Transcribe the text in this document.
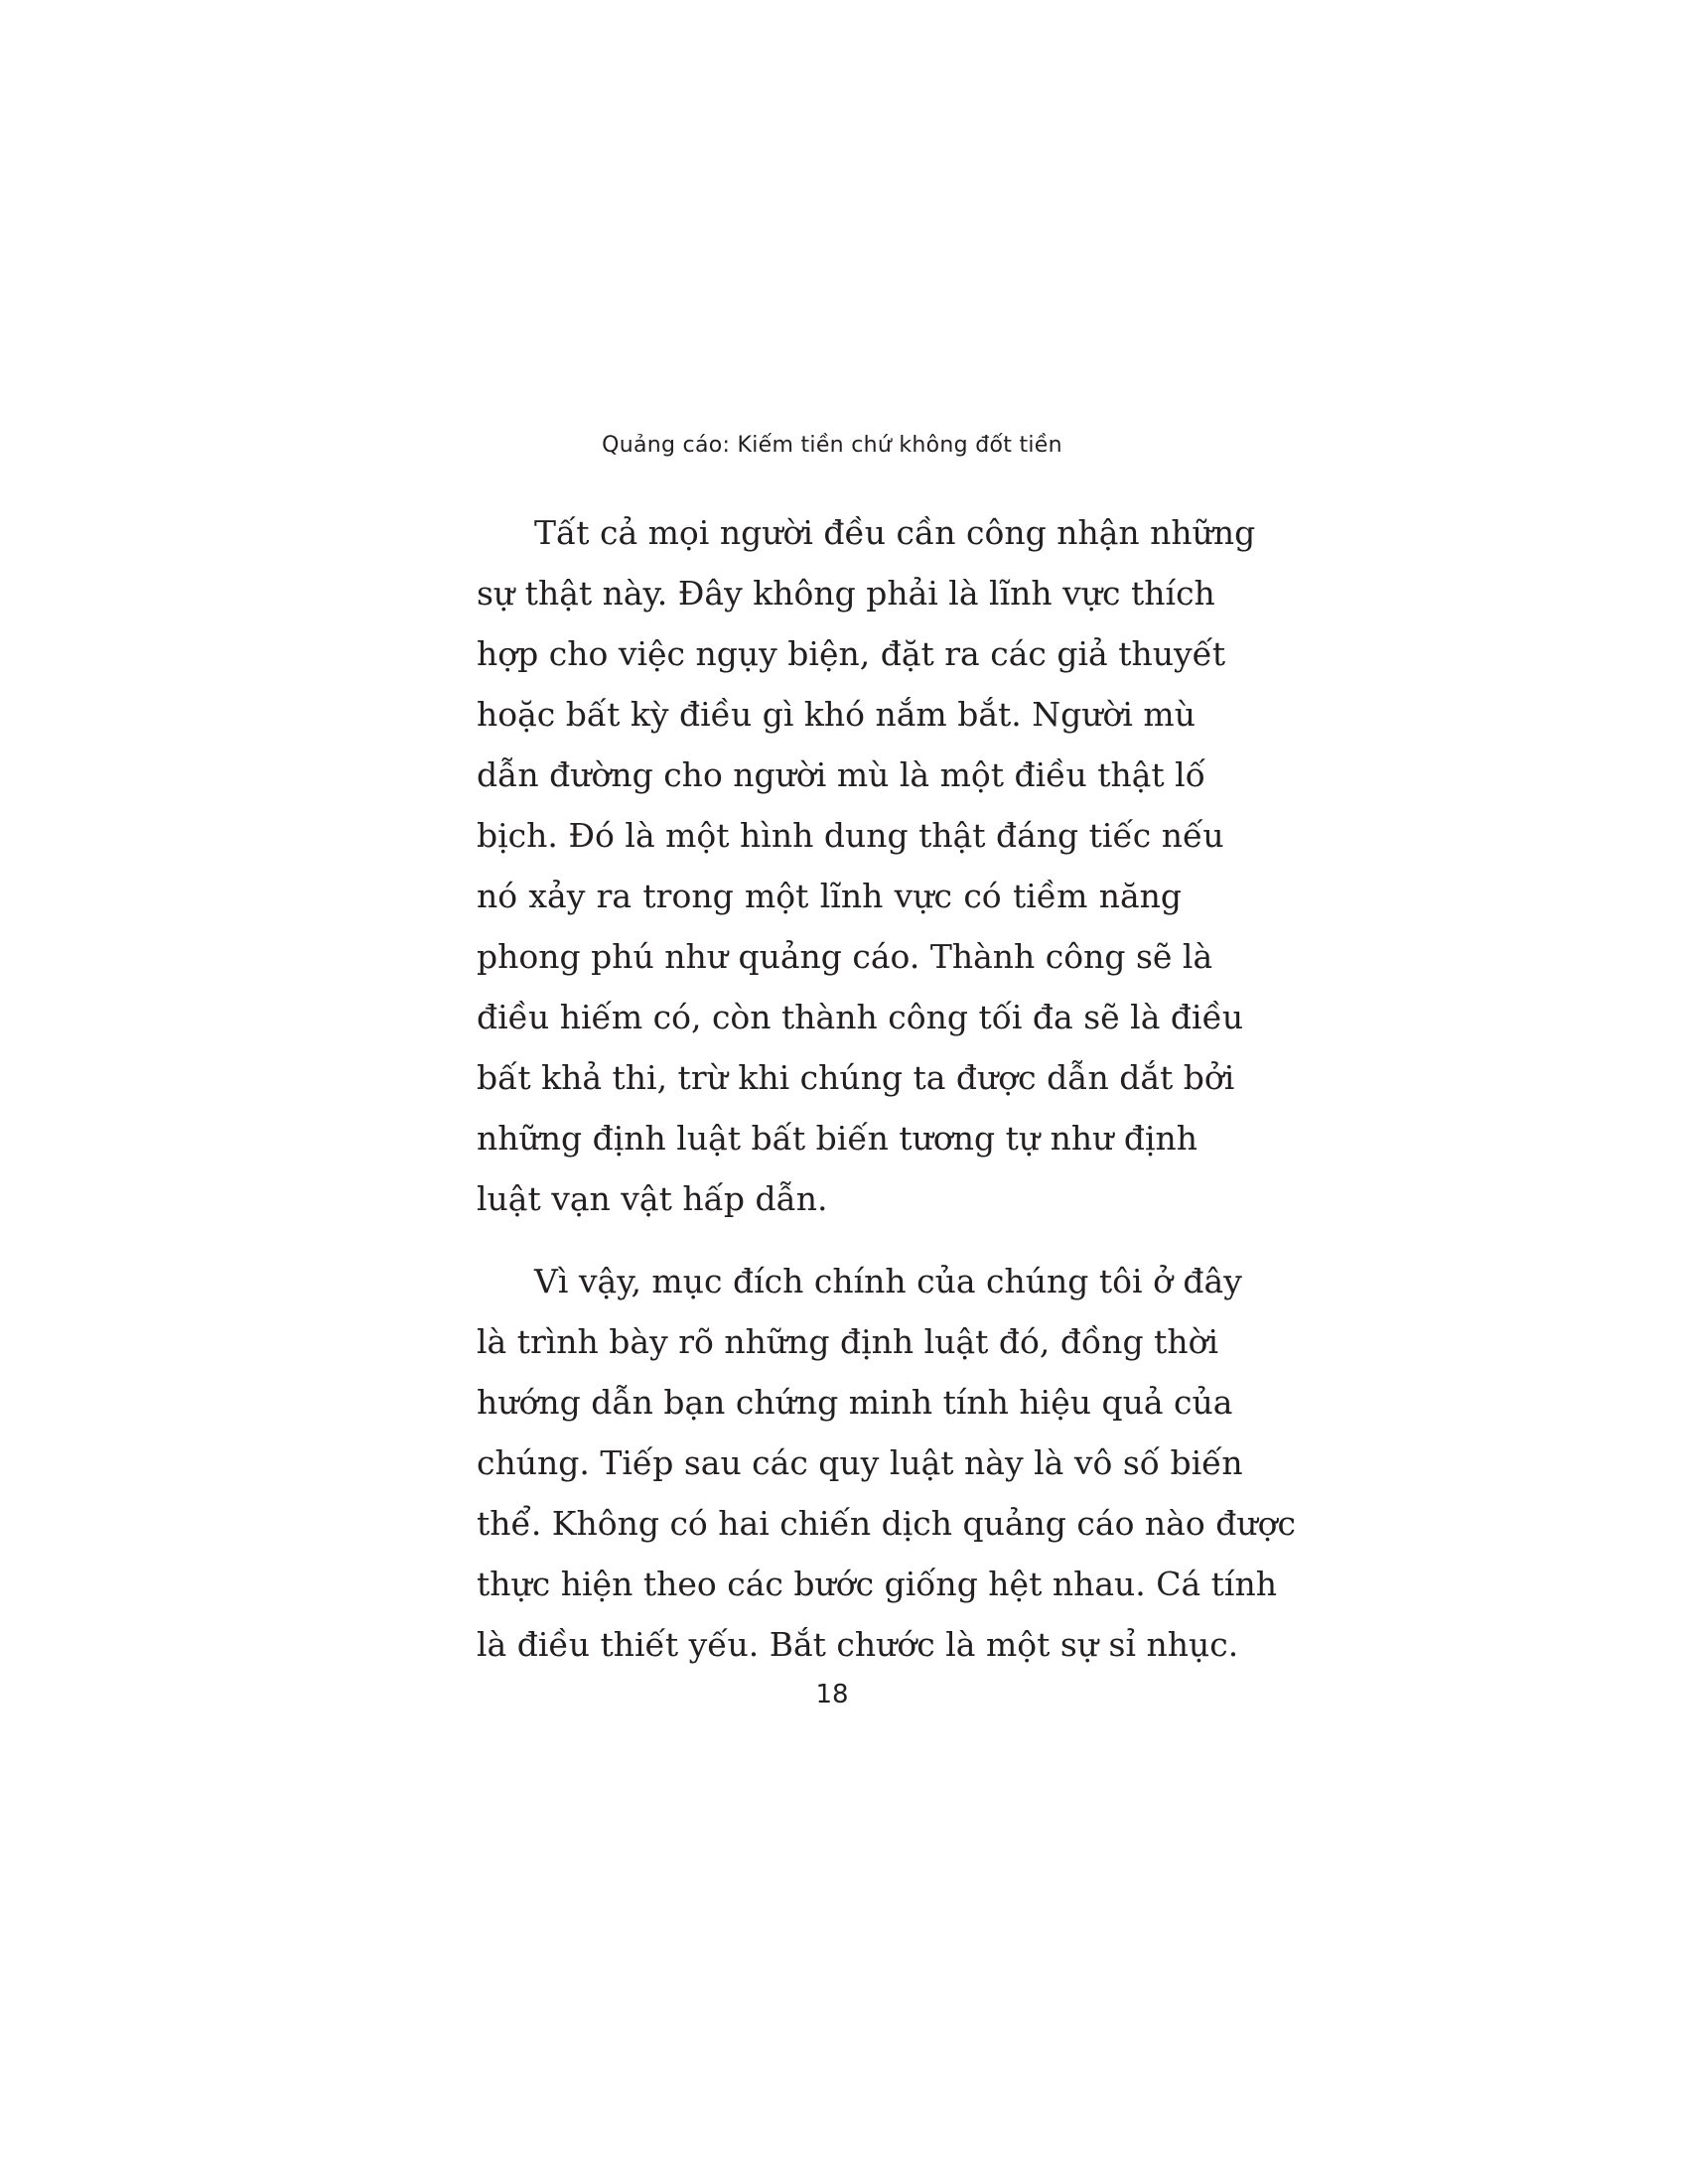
Quảng cáo: Kiếm tiền chứ không đốt tiền
Tất cả mọi người đều cần công nhận những
sự thật này. Đây không phải là lĩnh vực thích
hợp cho việc ngụy biện, đặt ra các giả thuyết
hoặc bất kỳ điều gì khó nắm bắt. Người mù
dẫn đường cho người mù là một điều thật lố
bịch. Đó là một hình dung thật đáng tiếc nếu
nó xảy ra trong một lĩnh vực có tiềm năng
phong phú như quảng cáo. Thành công sẽ là
điều hiếm có, còn thành công tối đa sẽ là điều
bất khả thi, trừ khi chúng ta được dẫn dắt bởi
những định luật bất biến tương tự như định
luật vạn vật hấp dẫn.
Vì vậy, mục đích chính của chúng tôi ở đây
là trình bày rõ những định luật đó, đồng thời
hướng dẫn bạn chứng minh tính hiệu quả của
chúng. Tiếp sau các quy luật này là vô số biến
thể. Không có hai chiến dịch quảng cáo nào được
thực hiện theo các bước giống hệt nhau. Cá tính
là điều thiết yếu. Bắt chước là một sự sỉ nhục.
18
